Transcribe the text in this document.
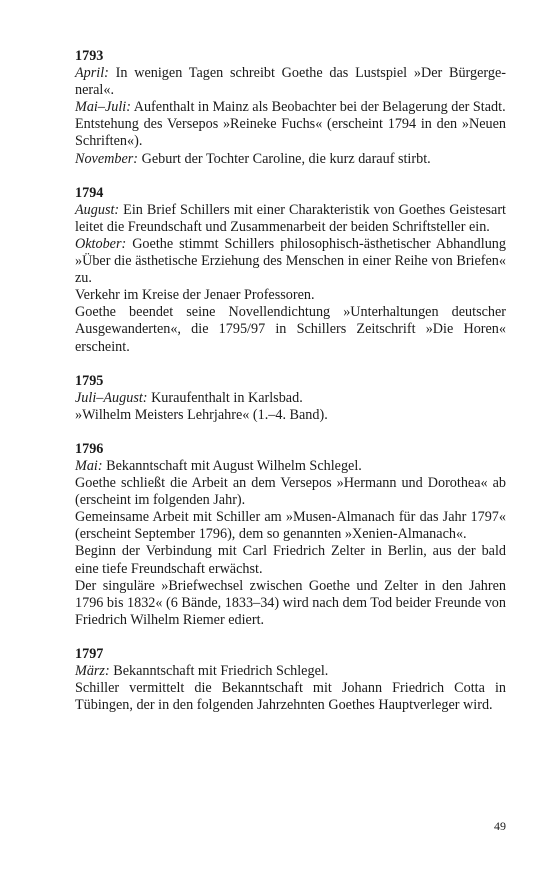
1793
April: In wenigen Tagen schreibt Goethe das Lustspiel »Der Bürgerge-neral«.
Mai–Juli: Aufenthalt in Mainz als Beobachter bei der Belagerung der Stadt.
Entstehung des Versepos »Reineke Fuchs« (erscheint 1794 in den »Neuen Schriften«).
November: Geburt der Tochter Caroline, die kurz darauf stirbt.
1794
August: Ein Brief Schillers mit einer Charakteristik von Goethes Geistesart leitet die Freundschaft und Zusammenarbeit der beiden Schriftsteller ein.
Oktober: Goethe stimmt Schillers philosophisch-ästhetischer Abhandlung »Über die ästhetische Erziehung des Menschen in einer Reihe von Briefen« zu.
Verkehr im Kreise der Jenaer Professoren.
Goethe beendet seine Novellendichtung »Unterhaltungen deutscher Ausgewanderten«, die 1795/97 in Schillers Zeitschrift »Die Horen« erscheint.
1795
Juli–August: Kuraufenthalt in Karlsbad.
»Wilhelm Meisters Lehrjahre« (1.–4. Band).
1796
Mai: Bekanntschaft mit August Wilhelm Schlegel.
Goethe schließt die Arbeit an dem Versepos »Hermann und Dorothea« ab (erscheint im folgenden Jahr).
Gemeinsame Arbeit mit Schiller am »Musen-Almanach für das Jahr 1797« (erscheint September 1796), dem so genannten »Xenien-Almanach«.
Beginn der Verbindung mit Carl Friedrich Zelter in Berlin, aus der bald eine tiefe Freundschaft erwächst.
Der singuläre »Briefwechsel zwischen Goethe und Zelter in den Jahren 1796 bis 1832« (6 Bände, 1833–34) wird nach dem Tod beider Freunde von Friedrich Wilhelm Riemer ediert.
1797
März: Bekanntschaft mit Friedrich Schlegel.
Schiller vermittelt die Bekanntschaft mit Johann Friedrich Cotta in Tübingen, der in den folgenden Jahrzehnten Goethes Hauptverleger wird.
49
